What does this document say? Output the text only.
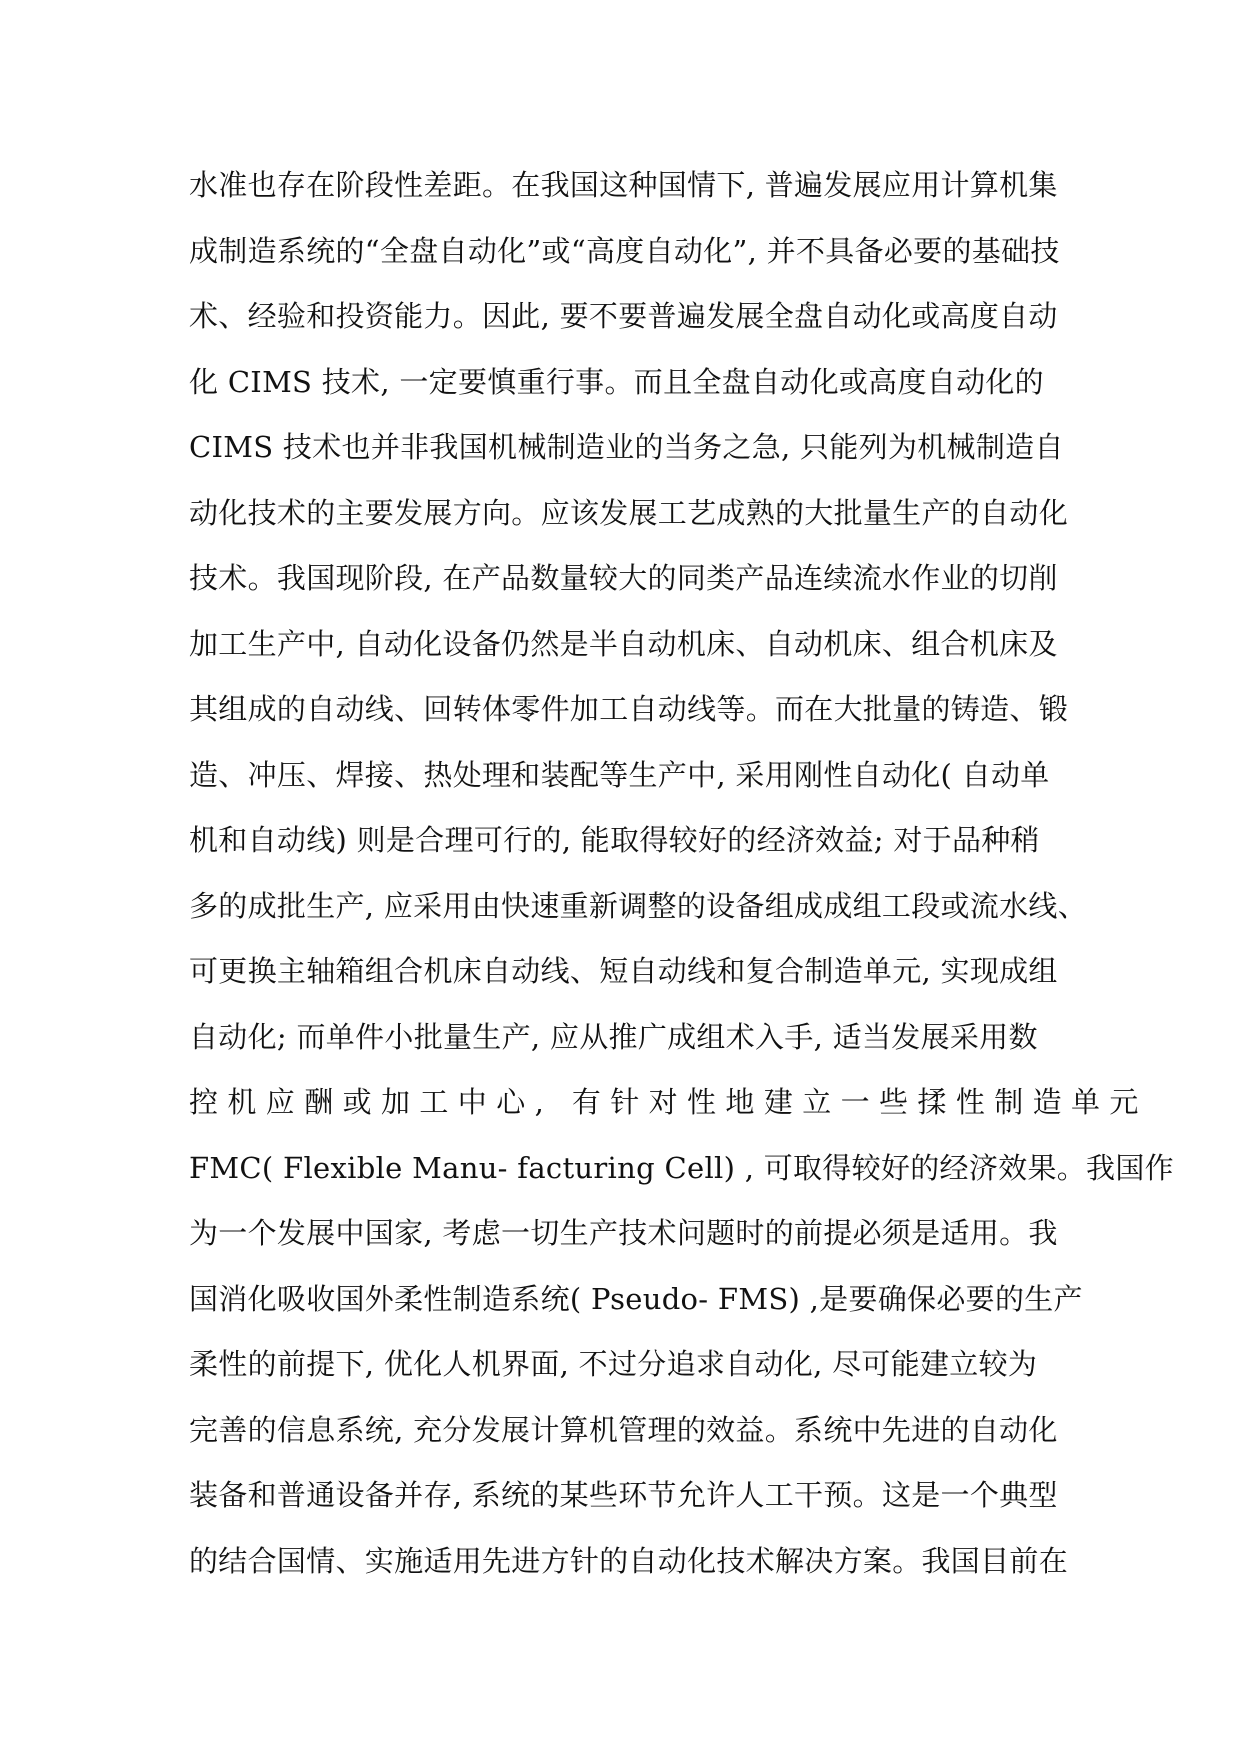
水准也存在阶段性差距。在我国这种国情下, 普遍发展应用计算机集
成制造系统的“全盘自动化”或“高度自动化”, 并不具备必要的基础技
术、经验和投资能力。因此, 要不要普遍发展全盘自动化或高度自动
化 CIMS 技术, 一定要慎重行事。而且全盘自动化或高度自动化的
CIMS 技术也并非我国机械制造业的当务之急, 只能列为机械制造自
动化技术的主要发展方向。应该发展工艺成熟的大批量生产的自动化
技术。我国现阶段, 在产品数量较大的同类产品连续流水作业的切削
加工生产中, 自动化设备仍然是半自动机床、自动机床、组合机床及
其组成的自动线、回转体零件加工自动线等。而在大批量的铸造、锻
造、冲压、焊接、热处理和装配等生产中, 采用刚性自动化( 自动单
机和自动线) 则是合理可行的, 能取得较好的经济效益; 对于品种稍
多的成批生产, 应采用由快速重新调整的设备组成成组工段或流水线、
可更换主轴箱组合机床自动线、短自动线和复合制造单元, 实现成组
自动化; 而单件小批量生产, 应从推广成组术入手, 适当发展采用数
控机应酬或加工中心, 有针对性地建立一些揉性制造单元
FMC( Flexible Manu- facturing Cell) , 可取得较好的经济效果。我国作
为一个发展中国家, 考虑一切生产技术问题时的前提必须是适用。我
国消化吸收国外柔性制造系统( Pseudo- FMS) ,是要确保必要的生产
柔性的前提下, 优化人机界面, 不过分追求自动化, 尽可能建立较为
完善的信息系统, 充分发展计算机管理的效益。系统中先进的自动化
装备和普通设备并存, 系统的某些环节允许人工干预。这是一个典型
的结合国情、实施适用先进方针的自动化技术解决方案。我国目前在
